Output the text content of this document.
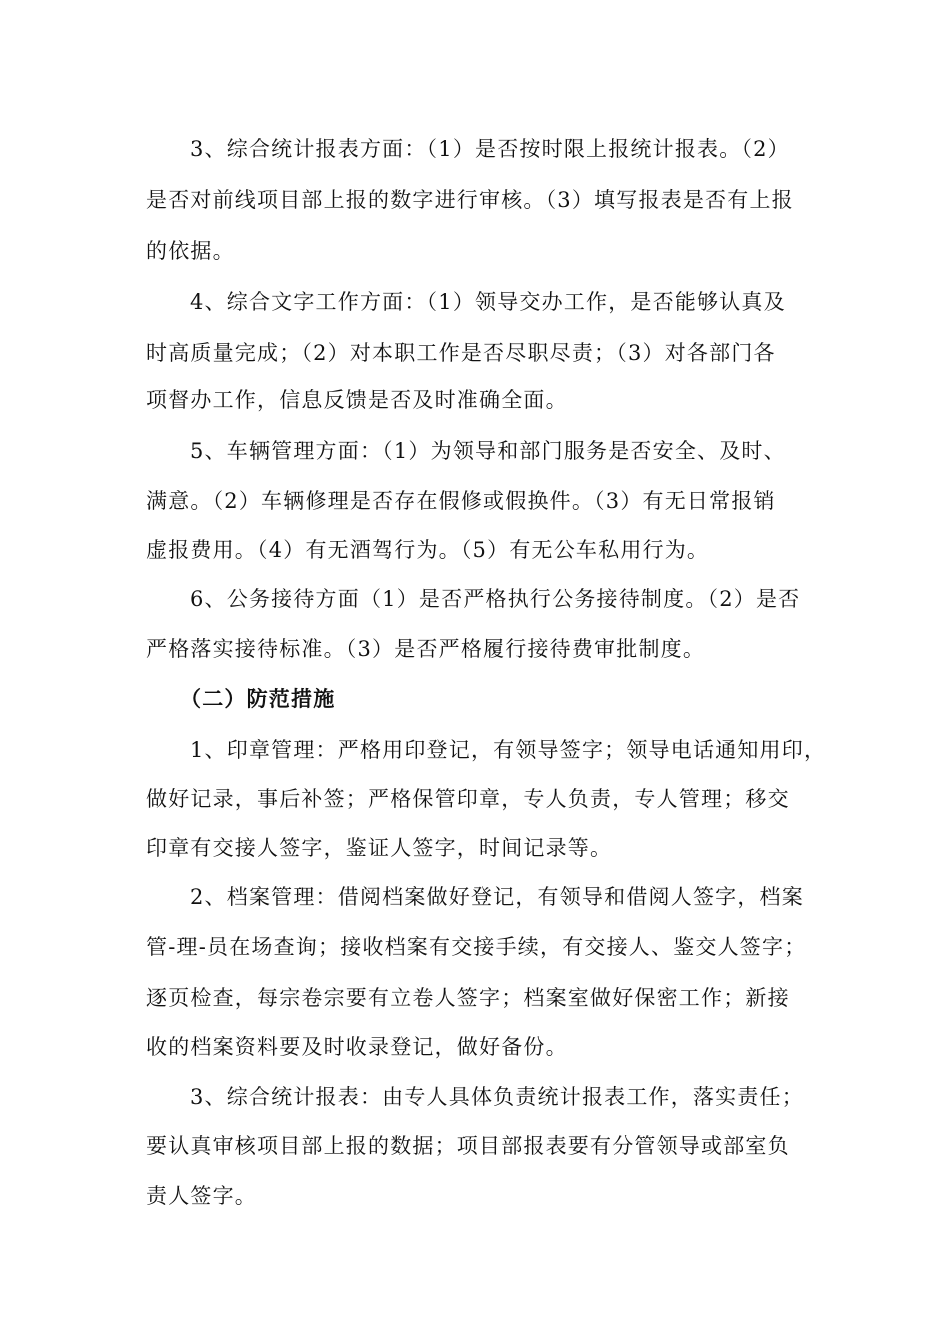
3、综合统计报表方面：（1）是否按时限上报统计报表。（2）
是否对前线项目部上报的数字进行审核。（3）填写报表是否有上报
的依据。
4、综合文字工作方面：（1）领导交办工作，是否能够认真及
时高质量完成；（2）对本职工作是否尽职尽责；（3）对各部门各
项督办工作，信息反馈是否及时准确全面。
5、车辆管理方面：（1）为领导和部门服务是否安全、及时、
满意。（2）车辆修理是否存在假修或假换件。（3）有无日常报销
虚报费用。（4）有无酒驾行为。（5）有无公车私用行为。
6、公务接待方面（1）是否严格执行公务接待制度。（2）是否
严格落实接待标准。（3）是否严格履行接待费审批制度。
（二）防范措施
1、印章管理：严格用印登记，有领导签字；领导电话通知用印，
做好记录，事后补签；严格保管印章，专人负责，专人管理；移交
印章有交接人签字，鉴证人签字，时间记录等。
2、档案管理：借阅档案做好登记，有领导和借阅人签字，档案
管-理-员在场查询；接收档案有交接手续，有交接人、鉴交人签字；
逐页检查，每宗卷宗要有立卷人签字；档案室做好保密工作；新接
收的档案资料要及时收录登记，做好备份。
3、综合统计报表：由专人具体负责统计报表工作，落实责任；
要认真审核项目部上报的数据；项目部报表要有分管领导或部室负
责人签字。
